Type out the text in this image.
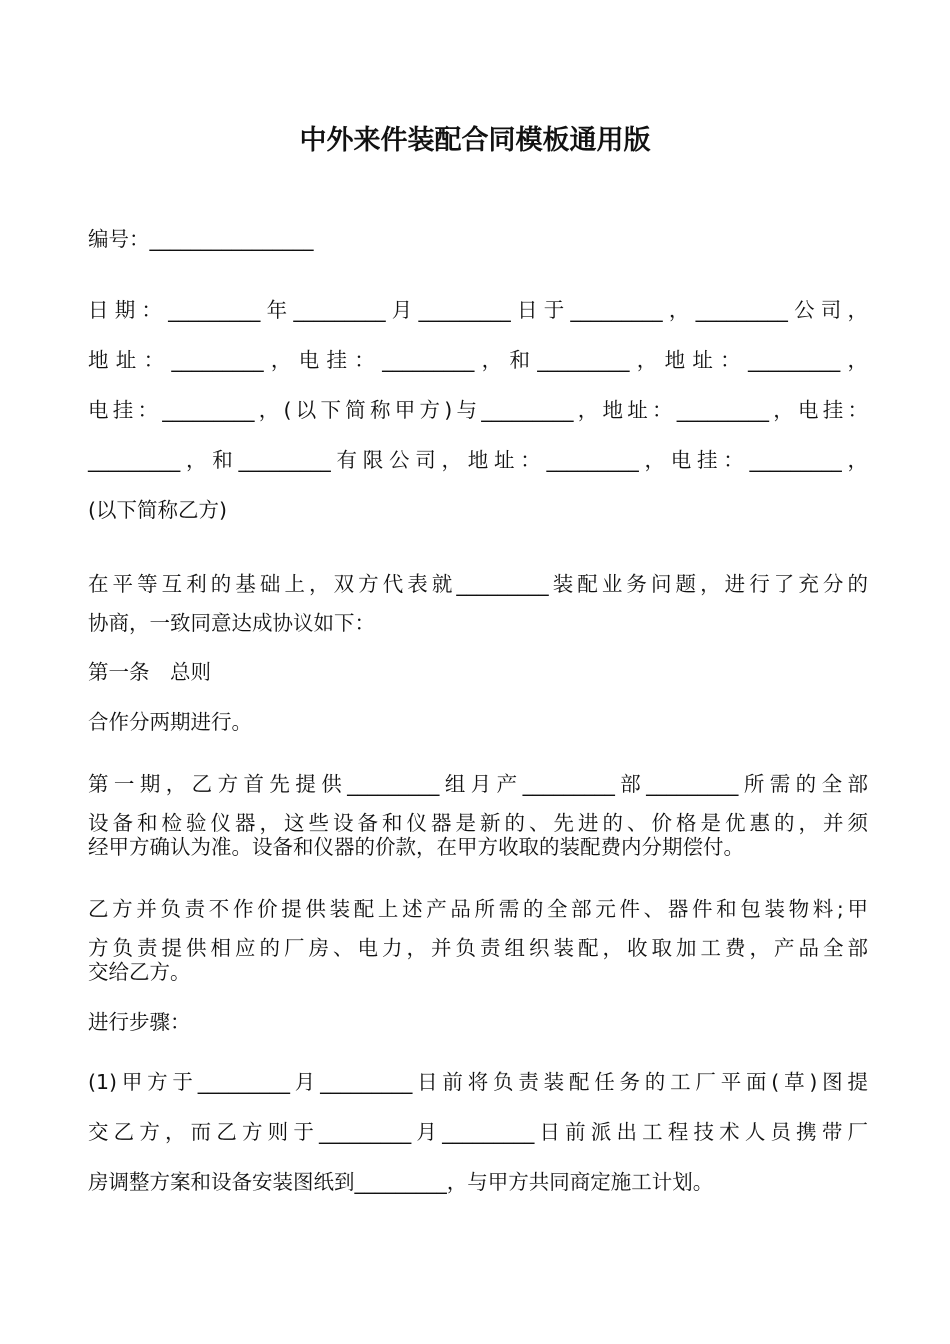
中外来件装配合同模板通用版
编号：________________
日期：_________年_________月_________日于_________，_________公司，
地址：_________，电挂：_________，和_________，地址：_________，
电挂：_________，(以下简称甲方)与_________，地址：_________，电挂：
_________，和_________有限公司，地址：_________，电挂：_________，
(以下简称乙方)
在平等互利的基础上，双方代表就_________装配业务问题，进行了充分的
协商，一致同意达成协议如下：
第一条　总则
合作分两期进行。
第一期，乙方首先提供_________组月产_________部_________所需的全部
设备和检验仪器，这些设备和仪器是新的、先进的、价格是优惠的，并须
经甲方确认为准。设备和仪器的价款，在甲方收取的装配费内分期偿付。
乙方并负责不作价提供装配上述产品所需的全部元件、器件和包装物料;甲
方负责提供相应的厂房、电力，并负责组织装配，收取加工费，产品全部
交给乙方。
进行步骤：
(1)甲方于_________月_________日前将负责装配任务的工厂平面(草)图提
交乙方，而乙方则于_________月_________日前派出工程技术人员携带厂
房调整方案和设备安装图纸到_________，与甲方共同商定施工计划。
